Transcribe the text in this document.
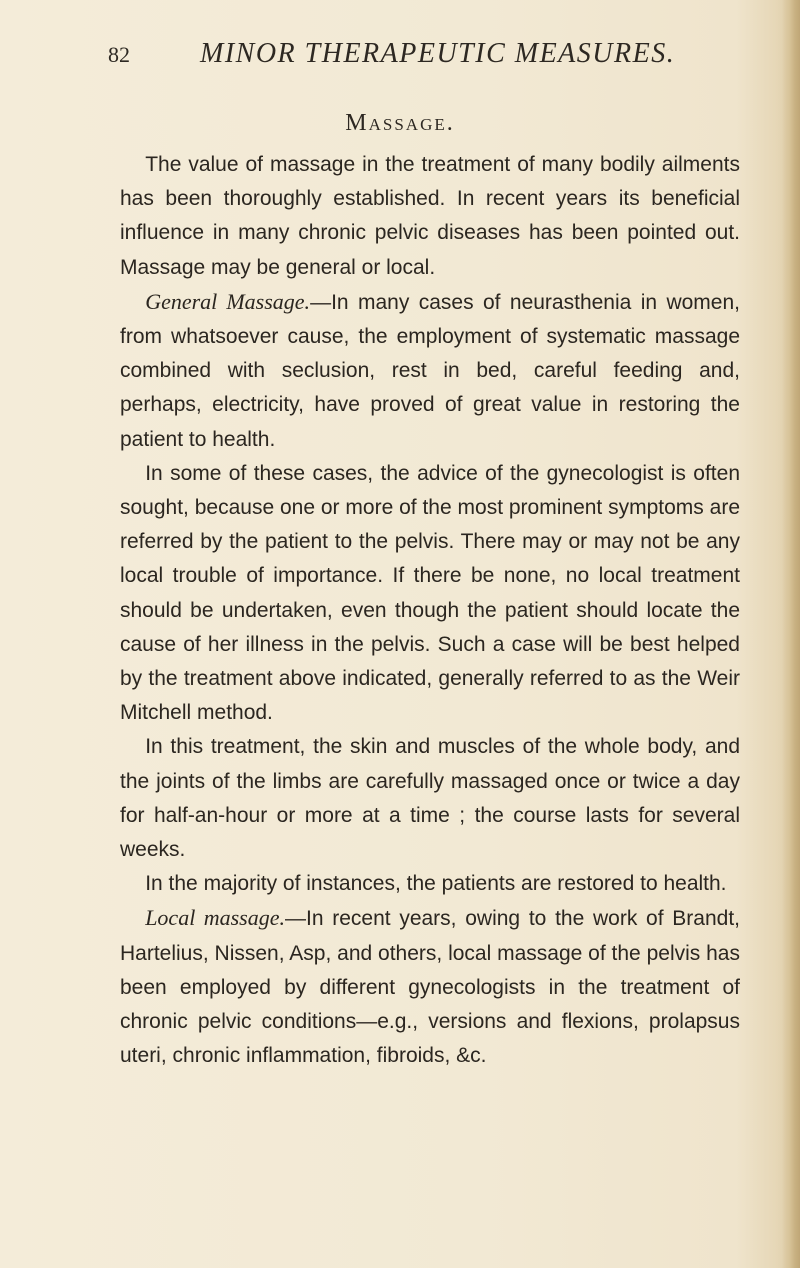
82	MINOR THERAPEUTIC MEASURES.
Massage.

The value of massage in the treatment of many bodily ailments has been thoroughly established. In recent years its beneficial influence in many chronic pelvic diseases has been pointed out. Massage may be general or local.

General Massage.—In many cases of neurasthenia in women, from whatsoever cause, the employment of systematic massage combined with seclusion, rest in bed, careful feeding and, perhaps, electricity, have proved of great value in restoring the patient to health.

In some of these cases, the advice of the gynecologist is often sought, because one or more of the most prominent symptoms are referred by the patient to the pelvis. There may or may not be any local trouble of importance. If there be none, no local treatment should be undertaken, even though the patient should locate the cause of her illness in the pelvis. Such a case will be best helped by the treatment above indicated, generally referred to as the Weir Mitchell method.

In this treatment, the skin and muscles of the whole body, and the joints of the limbs are carefully massaged once or twice a day for half-an-hour or more at a time ; the course lasts for several weeks.

In the majority of instances, the patients are restored to health.

Local massage.—In recent years, owing to the work of Brandt, Hartelius, Nissen, Asp, and others, local massage of the pelvis has been employed by different gynecologists in the treatment of chronic pelvic conditions—e.g., versions and flexions, prolapsus uteri, chronic inflammation, fibroids, &c.
